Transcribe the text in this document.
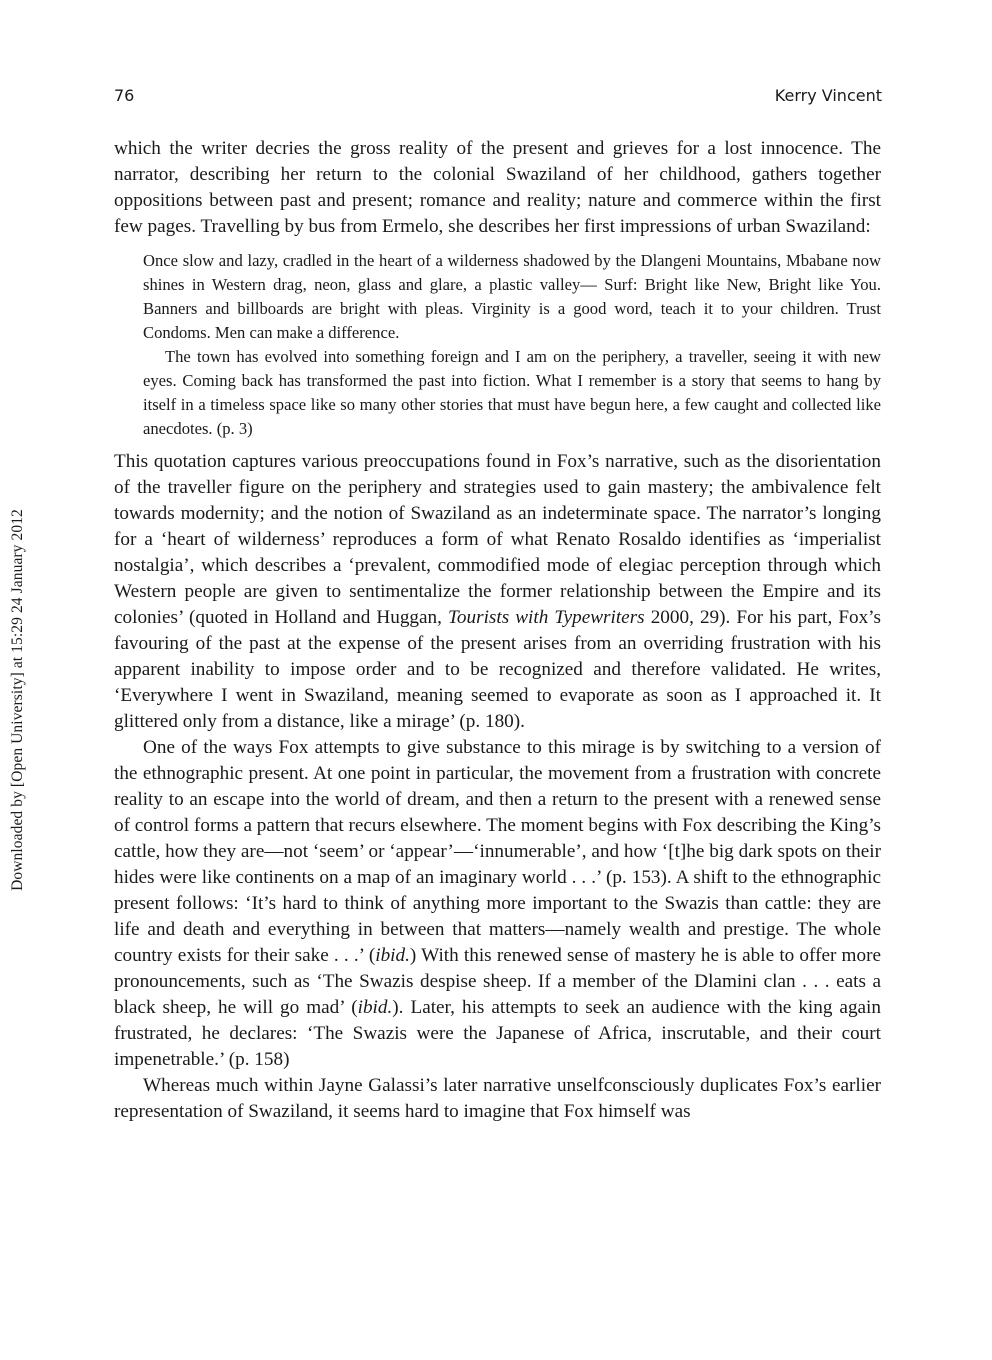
Downloaded by [Open University] at 15:29 24 January 2012
76	Kerry Vincent

which the writer decries the gross reality of the present and grieves for a lost innocence. The narrator, describing her return to the colonial Swaziland of her childhood, gathers together oppositions between past and present; romance and reality; nature and commerce within the first few pages. Travelling by bus from Ermelo, she describes her first impressions of urban Swaziland:

Once slow and lazy, cradled in the heart of a wilderness shadowed by the Dlangeni Mountains, Mbabane now shines in Western drag, neon, glass and glare, a plastic valley— Surf: Bright like New, Bright like You. Banners and billboards are bright with pleas. Virginity is a good word, teach it to your children. Trust Condoms. Men can make a difference.

The town has evolved into something foreign and I am on the periphery, a traveller, seeing it with new eyes. Coming back has transformed the past into fiction. What I remember is a story that seems to hang by itself in a timeless space like so many other stories that must have begun here, a few caught and collected like anecdotes. (p. 3)

This quotation captures various preoccupations found in Fox’s narrative, such as the disorientation of the traveller figure on the periphery and strategies used to gain mastery; the ambivalence felt towards modernity; and the notion of Swaziland as an indeterminate space. The narrator’s longing for a ‘heart of wilderness’ reproduces a form of what Renato Rosaldo identifies as ‘imperialist nostalgia’, which describes a ‘prevalent, commodified mode of elegiac perception through which Western people are given to sentimentalize the former relationship between the Empire and its colonies’ (quoted in Holland and Huggan, Tourists with Typewriters 2000, 29). For his part, Fox’s favouring of the past at the expense of the present arises from an overriding frustration with his apparent inability to impose order and to be recognized and therefore validated. He writes, ‘Everywhere I went in Swaziland, meaning seemed to evaporate as soon as I approached it. It glittered only from a distance, like a mirage’ (p. 180).

One of the ways Fox attempts to give substance to this mirage is by switching to a version of the ethnographic present. At one point in particular, the movement from a frustration with concrete reality to an escape into the world of dream, and then a return to the present with a renewed sense of control forms a pattern that recurs elsewhere. The moment begins with Fox describing the King’s cattle, how they are—not ‘seem’ or ‘appear’—‘innumerable’, and how ‘[t]he big dark spots on their hides were like continents on a map of an imaginary world . . .’ (p. 153). A shift to the ethnographic present follows: ‘It’s hard to think of anything more important to the Swazis than cattle: they are life and death and everything in between that matters—namely wealth and prestige. The whole country exists for their sake . . .’ (ibid.) With this renewed sense of mastery he is able to offer more pronouncements, such as ‘The Swazis despise sheep. If a member of the Dlamini clan . . . eats a black sheep, he will go mad’ (ibid.). Later, his attempts to seek an audience with the king again frustrated, he declares: ‘The Swazis were the Japanese of Africa, inscrutable, and their court impenetrable.’ (p. 158)

Whereas much within Jayne Galassi’s later narrative unselfconsciously duplicates Fox’s earlier representation of Swaziland, it seems hard to imagine that Fox himself was
